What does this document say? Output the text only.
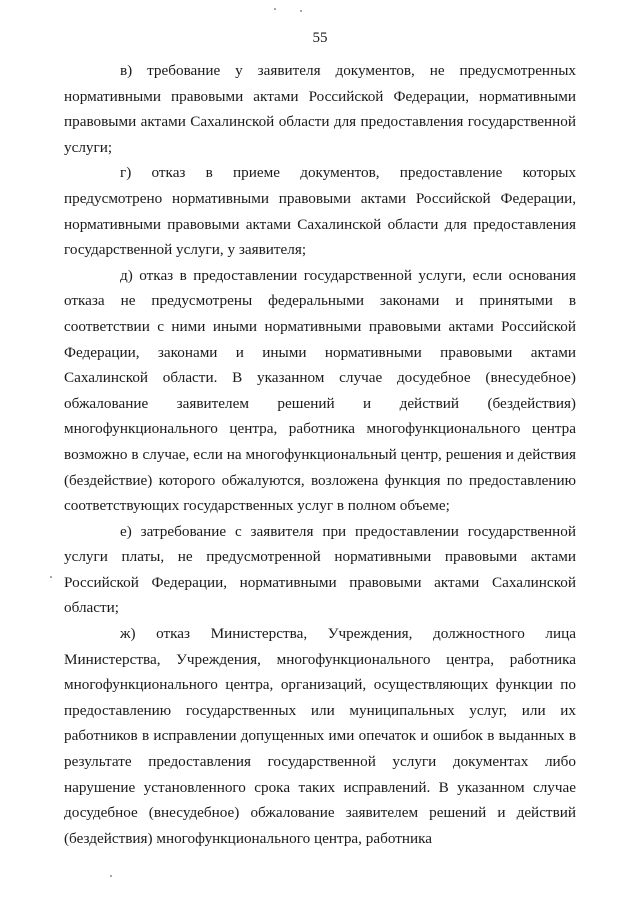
55

в) требование у заявителя документов, не предусмотренных нормативными правовыми актами Российской Федерации, нормативными правовыми актами Сахалинской области для предоставления государственной услуги;

г) отказ в приеме документов, предоставление которых предусмотрено нормативными правовыми актами Российской Федерации, нормативными правовыми актами Сахалинской области для предоставления государственной услуги, у заявителя;

д) отказ в предоставлении государственной услуги, если основания отказа не предусмотрены федеральными законами и принятыми в соответствии с ними иными нормативными правовыми актами Российской Федерации, законами и иными нормативными правовыми актами Сахалинской области. В указанном случае досудебное (внесудебное) обжалование заявителем решений и действий (бездействия) многофункционального центра, работника многофункционального центра возможно в случае, если на многофункциональный центр, решения и действия (бездействие) которого обжалуются, возложена функция по предоставлению соответствующих государственных услуг в полном объеме;

е) затребование с заявителя при предоставлении государственной услуги платы, не предусмотренной нормативными правовыми актами Российской Федерации, нормативными правовыми актами Сахалинской области;

ж) отказ Министерства, Учреждения, должностного лица Министерства, Учреждения, многофункционального центра, работника многофункционального центра, организаций, осуществляющих функции по предоставлению государственных или муниципальных услуг, или их работников в исправлении допущенных ими опечаток и ошибок в выданных в результате предоставления государственной услуги документах либо нарушение установленного срока таких исправлений. В указанном случае досудебное (внесудебное) обжалование заявителем решений и действий (бездействия) многофункционального центра, работника
